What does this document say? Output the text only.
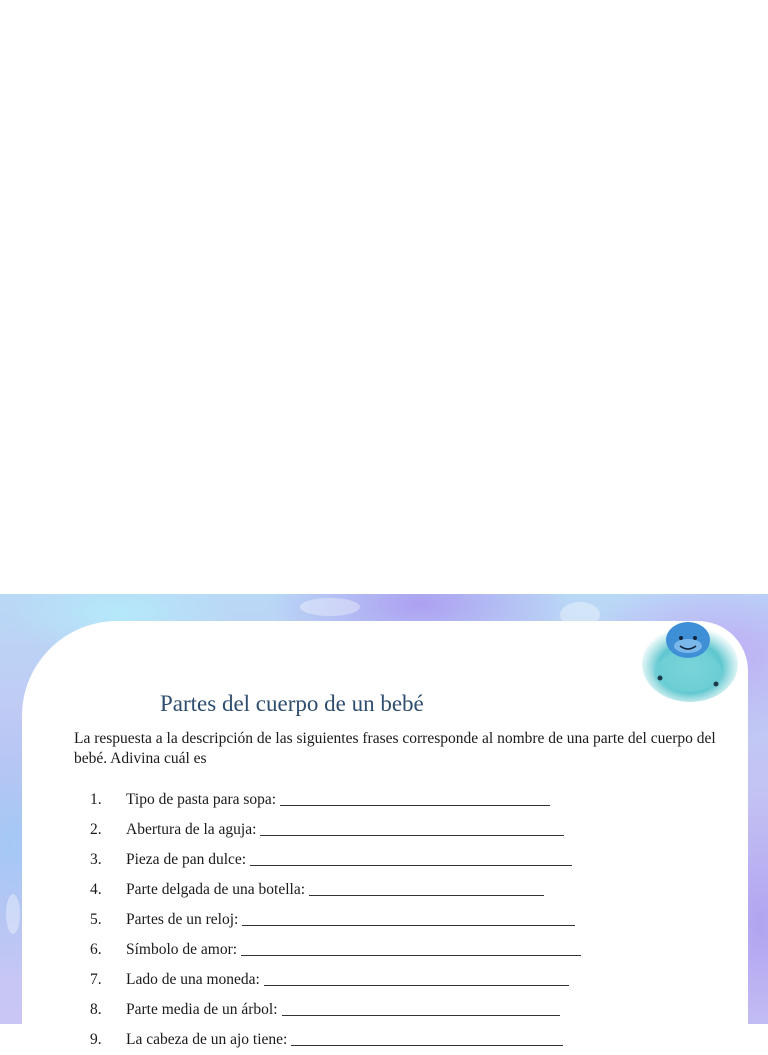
Partes del cuerpo de un bebé

La respuesta a la descripción de las siguientes frases corresponde al nombre de una parte del cuerpo del bebé. Adivina cuál es

1.	Tipo de pasta para sopa:
2.	Abertura de la aguja:
3.	Pieza de pan dulce:
4.	Parte delgada de una botella:
5.	Partes de un reloj:
6.	Símbolo de amor:
7.	Lado de una moneda:
8.	Parte media de un árbol:
9.	La cabeza de un ajo tiene:
